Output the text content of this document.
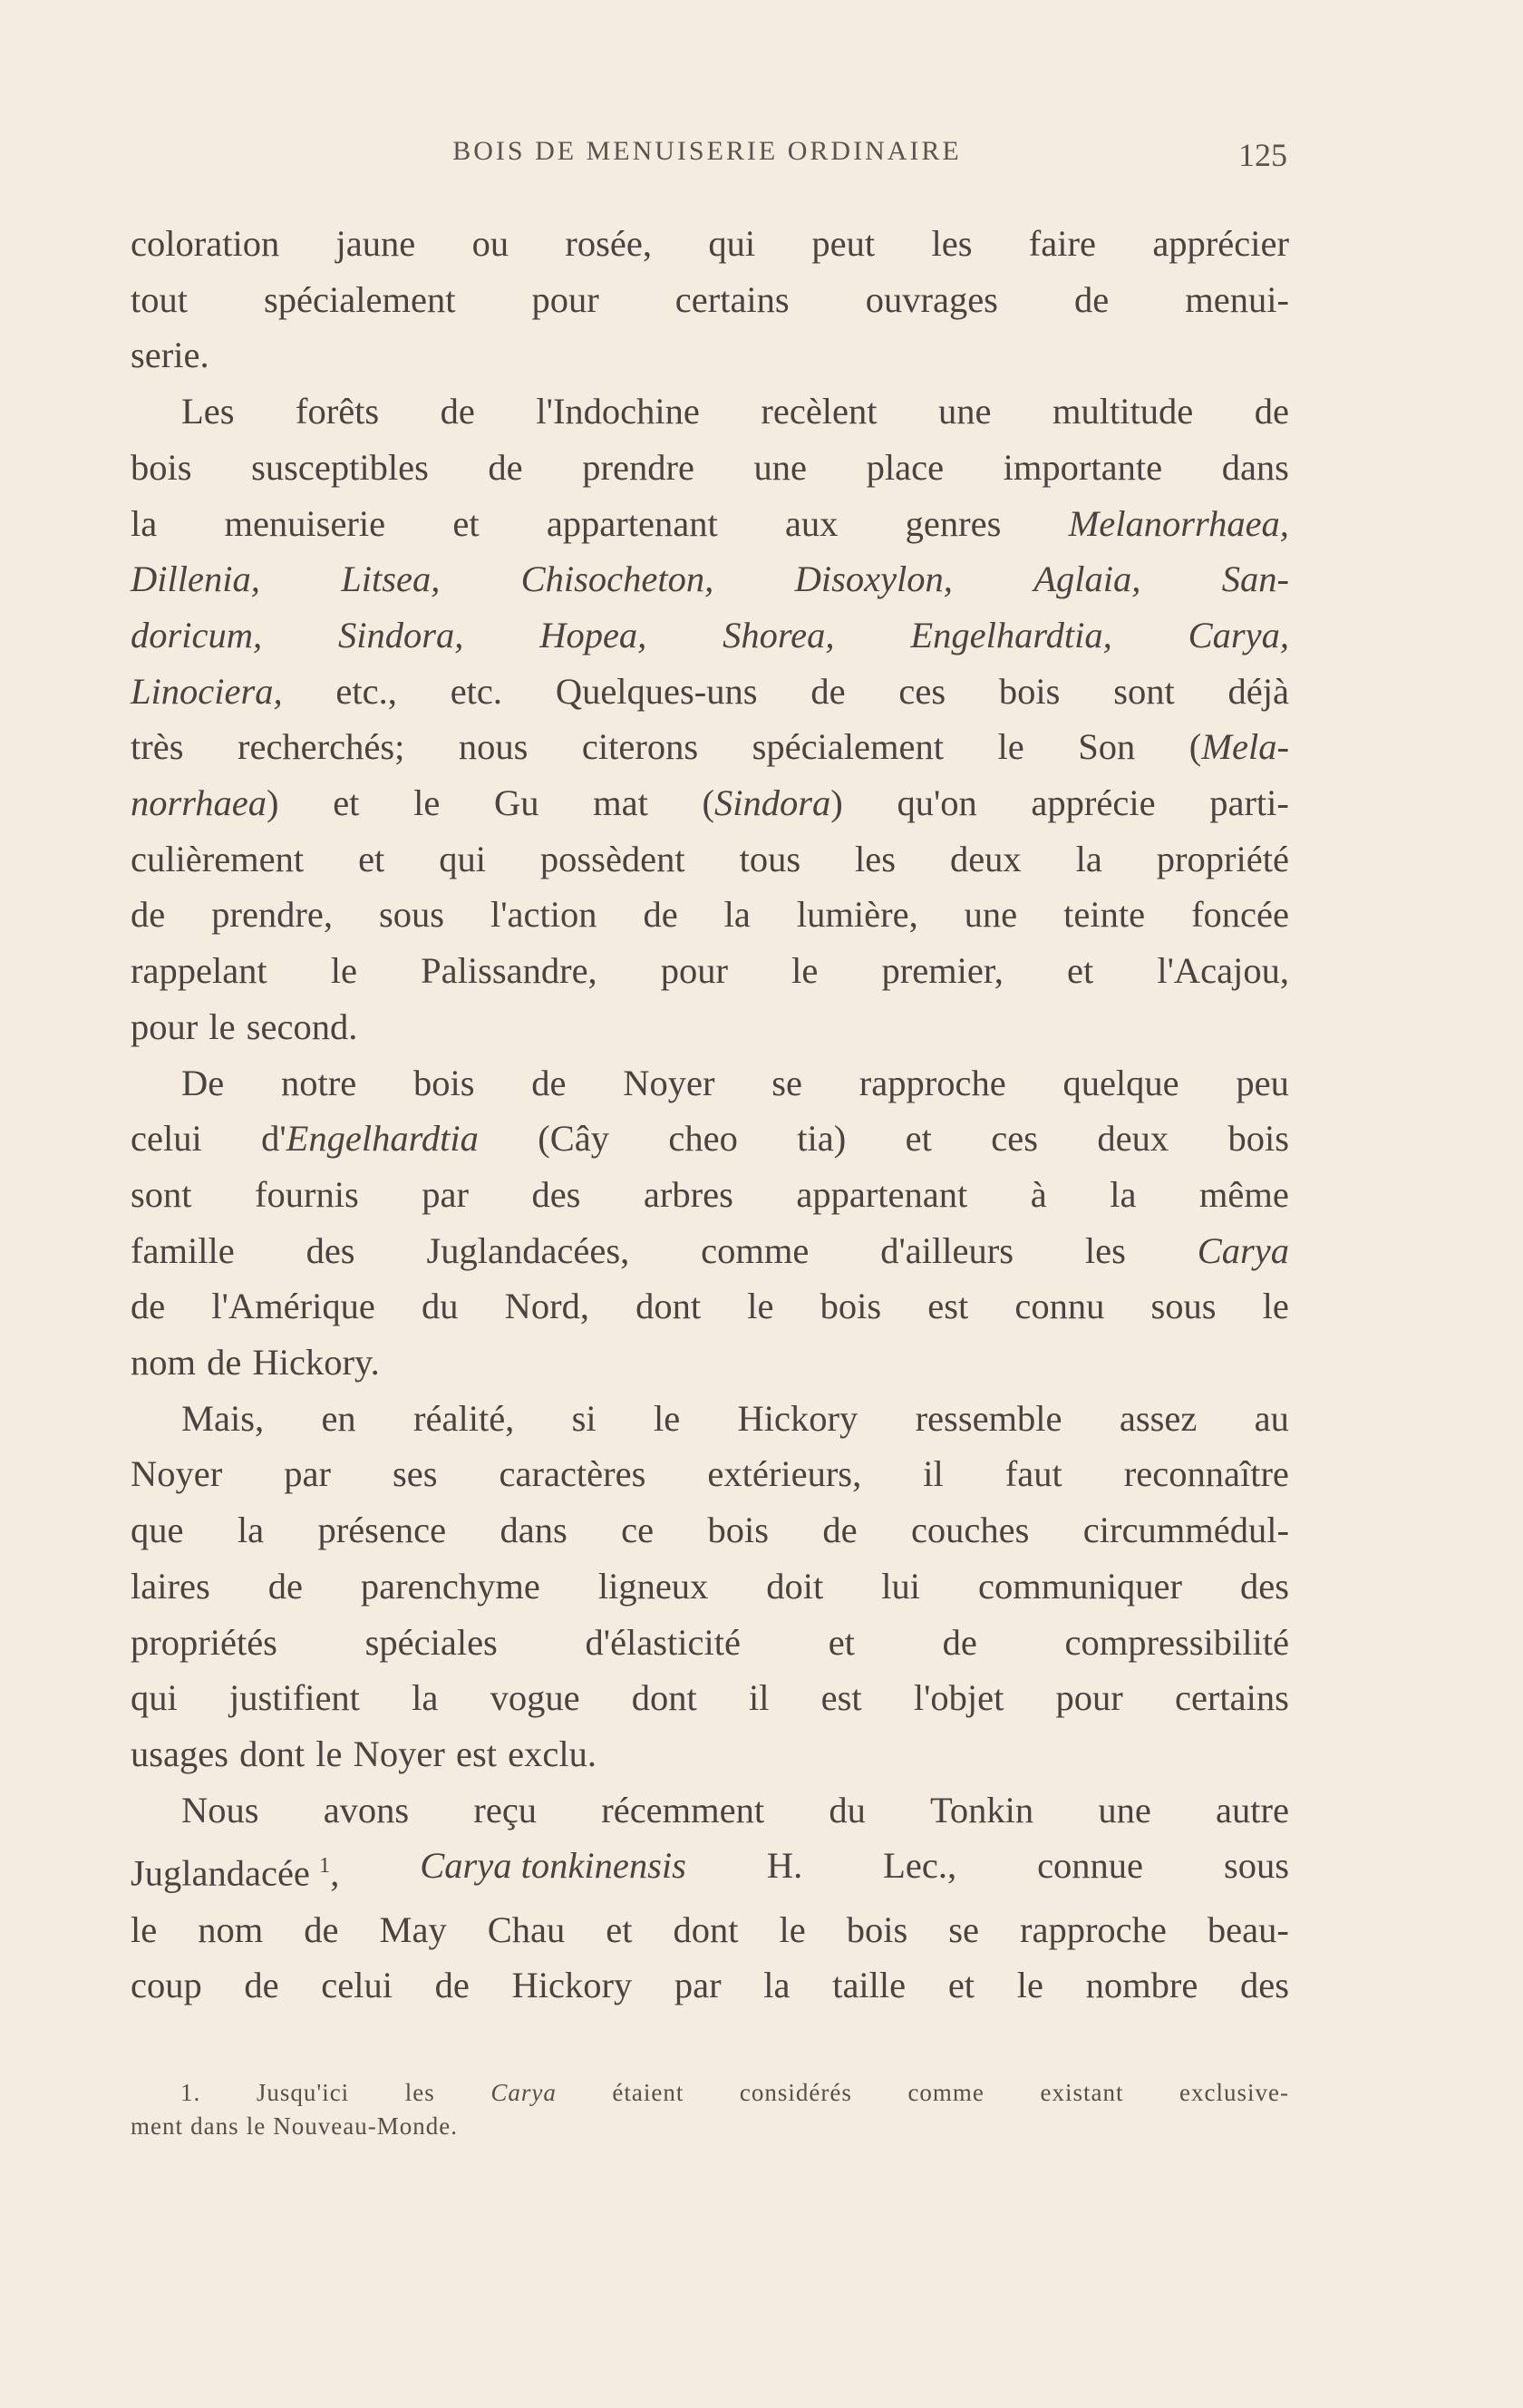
BOIS DE MENUISERIE ORDINAIRE	125
coloration jaune ou rosée, qui peut les faire apprécier
tout spécialement pour certains ouvrages de menui-
serie.
Les forêts de l'Indochine recèlent une multitude de
bois susceptibles de prendre une place importante dans
la menuiserie et appartenant aux genres Melanorrhaea,
Dillenia, Litsea, Chisocheton, Disoxylon, Aglaia, San-
doricum, Sindora, Hopea, Shorea, Engelhardtia, Carya,
Linociera, etc., etc. Quelques-uns de ces bois sont déjà
très recherchés; nous citerons spécialement le Son (Mela-
norrhaea) et le Gu mat (Sindora) qu'on apprécie parti-
culièrement et qui possèdent tous les deux la propriété
de prendre, sous l'action de la lumière, une teinte foncée
rappelant le Palissandre, pour le premier, et l'Acajou,
pour le second.
De notre bois de Noyer se rapproche quelque peu
celui d'Engelhardtia (Cây cheo tia) et ces deux bois
sont fournis par des arbres appartenant à la même
famille des Juglandacées, comme d'ailleurs les Carya
de l'Amérique du Nord, dont le bois est connu sous le
nom de Hickory.
Mais, en réalité, si le Hickory ressemble assez au
Noyer par ses caractères extérieurs, il faut reconnaître
que la présence dans ce bois de couches circummédul-
laires de parenchyme ligneux doit lui communiquer des
propriétés spéciales d'élasticité et de compressibilité
qui justifient la vogue dont il est l'objet pour certains
usages dont le Noyer est exclu.
Nous avons reçu récemment du Tonkin une autre
Juglandacée $^1$, Carya tonkinensis H. Lec., connue sous
le nom de May Chau et dont le bois se rapproche beau-
coup de celui de Hickory par la taille et le nombre des
1. Jusqu'ici les Carya étaient considérés comme existant exclusive-
ment dans le Nouveau-Monde.
